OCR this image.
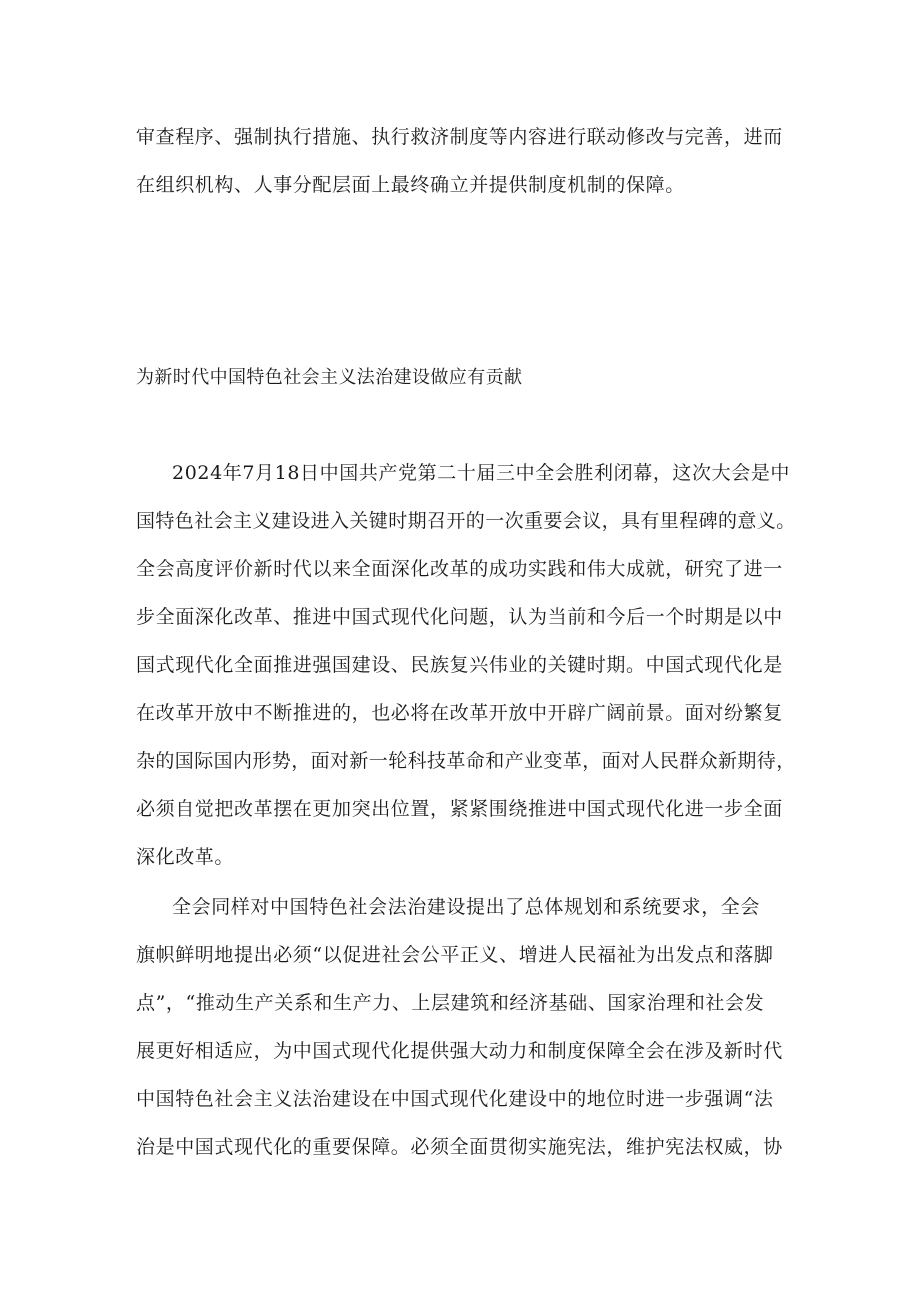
审查程序、强制执行措施、执行救济制度等内容进行联动修改与完善，进而
在组织机构、人事分配层面上最终确立并提供制度机制的保障。
为新时代中国特色社会主义法治建设做应有贡献
2024年7月18日中国共产党第二十届三中全会胜利闭幕，这次大会是中
国特色社会主义建设进入关键时期召开的一次重要会议，具有里程碑的意义。
全会高度评价新时代以来全面深化改革的成功实践和伟大成就，研究了进一
步全面深化改革、推进中国式现代化问题，认为当前和今后一个时期是以中
国式现代化全面推进强国建设、民族复兴伟业的关键时期。中国式现代化是
在改革开放中不断推进的，也必将在改革开放中开辟广阔前景。面对纷繁复
杂的国际国内形势，面对新一轮科技革命和产业变革，面对人民群众新期待，
必须自觉把改革摆在更加突出位置，紧紧围绕推进中国式现代化进一步全面
深化改革。
全会同样对中国特色社会法治建设提出了总体规划和系统要求，全会
旗帜鲜明地提出必须“以促进社会公平正义、增进人民福祉为出发点和落脚
点”，“推动生产关系和生产力、上层建筑和经济基础、国家治理和社会发
展更好相适应，为中国式现代化提供强大动力和制度保障全会在涉及新时代
中国特色社会主义法治建设在中国式现代化建设中的地位时进一步强调“法
治是中国式现代化的重要保障。必须全面贯彻实施宪法，维护宪法权威，协
